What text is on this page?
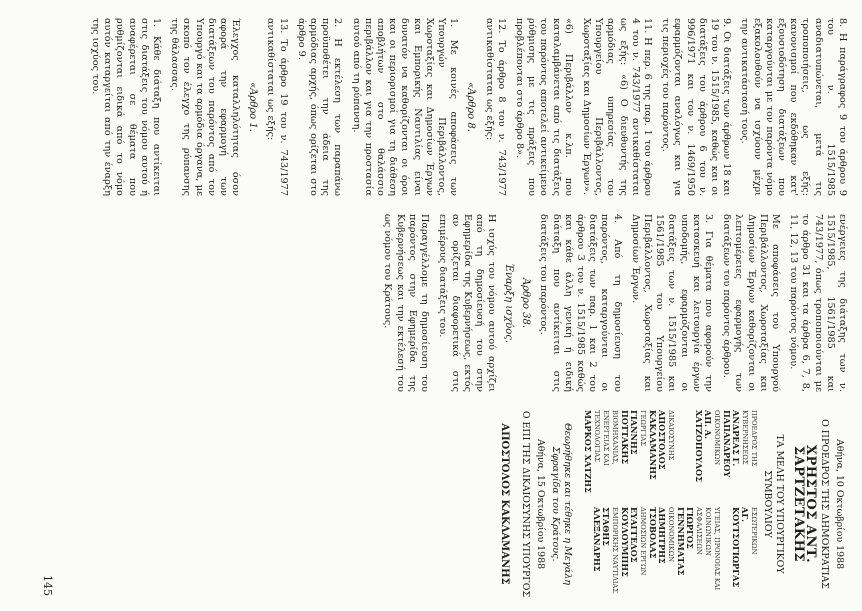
8. Η παράγραφος 9 του άρθρου 9 του ν. 1515/1985 αναδιατυπώνεται, μετά τις τροποποιήσεις, ως εξής: κανονισμοί που εκδόθηκαν κατ' εξουσιοδότηση διατάξεων που καταργούνται με τον παρόντα νόμο εξακολουθούν να ισχύουν μέχρι την αντικατάστασή τους.

9. Οι διατάξεις των άρθρων 18 και 19 του ν. 1515/1985, καθώς και οι διατάξεις του άρθρου 6 του ν. 996/1971 και του ν. 1469/1950 εφαρμόζονται αναλόγως και για τις περιοχές του παρόντος.

11. Η περ. 6 της παρ. 1 του άρθρου 4 του ν. 743/1977 αντικαθίσταται ως εξής: «6) Ο διευθυντής της αρμόδιας υπηρεσίας του Υπουργείου Περιβάλλοντος, Χωροταξίας και Δημοσίων Έργων».

«6) Περιβάλλον κ.λπ. που καταλαμβάνεται από τις διατάξεις του παρόντος αποτελεί αντικείμενο ρύθμισης με τις πράξεις που προβλέπονται στο άρθρο 8».

12. Το άρθρο 8 του ν. 743/1977 αντικαθίσταται ως εξής:

«Άρθρο 8.

1. Με κοινές αποφάσεις των Υπουργών Περιβάλλοντος, Χωροταξίας και Δημοσίων Έργων και Εμπορικής Ναυτιλίας είναι δυνατόν να καθορίζονται οι όροι και οι περιορισμοί για τη διάθεση αποβλήτων στο θαλάσσιο περιβάλλον και για την προστασία αυτού από τη ρύπανση.

2. Η εκτέλεση των παραπάνω προϋποθέτει την άδεια της αρμόδιας αρχής, όπως ορίζεται στο άρθρο 9.

13. Το άρθρο 19 του ν. 743/1977 αντικαθίσταται ως εξής:

«Άρθρο 1.

Έλεγχος καταλληλότητας όσον αφορά την εφαρμογή των διατάξεων του παρόντος από τον Υπουργό και τα αρμόδια όργανα, με σκοπό τον έλεγχο της ρύπανσης της θάλασσας.

1. Κάθε διάταξη που αντίκειται στις διατάξεις του νόμου αυτού ή αναφέρεται σε θέματα που ρυθμίζονται ειδικά από το νόμο αυτόν καταργείται από την έναρξη της ισχύος του.

ενέργειες της διάταξης των ν. 1515/1985, 1561/1985 και 743/1977, όπως τροποποιούνται με το άρθρο 31 και τα άρθρα 6, 7, 8, 11, 12, 13 του παρόντος νόμου.

Με αποφάσεις του Υπουργού Περιβάλλοντος, Χωροταξίας και Δημοσίων Έργων καθορίζονται οι λεπτομέρειες εφαρμογής των διατάξεων του παρόντος άρθρου.

3. Για θέματα που αφορούν την κατασκευή και λειτουργία έργων υποδομής, εφαρμόζονται οι διατάξεις των ν. 1515/1985 και 1561/1985 του Υπουργείου Περιβάλλοντος, Χωροταξίας και Δημοσίων Έργων.

4. Από τη δημοσίευση του παρόντος, καταργούνται οι διατάξεις των παρ. 1 και 2 του άρθρου 3 του ν. 1515/1985 καθώς και κάθε άλλη γενική ή ειδική διάταξη που αντίκειται στις διατάξεις του παρόντος.

Άρθρο 38.

Έναρξη ισχύος.

Η ισχύς του νόμου αυτού αρχίζει από τη δημοσίευσή του στην Εφημερίδα της Κυβερνήσεως, εκτός αν ορίζεται διαφορετικά στις επιμέρους διατάξεις του.

Παραγγέλλομε τη δημοσίευση του παρόντος στην Εφημερίδα της Κυβερνήσεως και την εκτέλεσή του ως νόμου του Κράτους.

Αθήνα, 10 Οκτωβρίου 1988

Ο ΠΡΟΕΔΡΟΣ ΤΗΣ ΔΗΜΟΚΡΑΤΙΑΣ

ΧΡΗΣΤΟΣ ΑΝΤ. ΣΑΡΤΖΕΤΑΚΗΣ

ΤΑ ΜΕΛΗ ΤΟΥ ΥΠΟΥΡΓΙΚΟΥ ΣΥΜΒΟΥΛΙΟΥ

ΠΡΟΕΔΡΟΣ ΤΗΣ ΚΥΒΕΡΝΗΣΕΩΣ
ΑΝΔΡΕΑΣ Γ. ΠΑΠΑΝΔΡΕΟΥ
ΕΣΩΤΕΡΙΚΩΝ
ΑΓ. ΚΟΥΤΣΟΓΙΩΡΓΑΣ
ΟΙΚΟΝΟΜΙΚΩΝ
ΑΠ. Α. ΧΑΤΖΟΠΟΥΛΟΣ
ΥΓΕΙΑΣ, ΠΡΟΝΟΙΑΣ ΚΑΙ ΚΟΙΝΩΝΙΚΩΝ ΑΣΦΑΛΙΣΕΩΝ
ΓΙΩΡΓΟΣ ΓΕΝΝΗΜΑΤΑΣ
ΔΙΚΑΙΟΣΥΝΗΣ
ΑΠΟΣΤΟΛΟΣ ΚΑΚΛΑΜΑΝΗΣ
ΟΙΚΟΝΟΜΙΚΩΝ
ΔΗΜΗΤΡΗΣ ΤΣΟΒΟΛΑΣ
ΓΕΩΡΓΙΑΣ
ΓΙΑΝΝΗΣ ΠΟΤΤΑΚΗΣ
ΔΗΜΟΣΙΩΝ ΕΡΓΩΝ
ΕΥΑΓΓΕΛΟΣ ΚΟΥΛΟΥΜΠΗΣ
ΒΙΟΜΗΧΑΝΙΑΣ, ΕΝΕΡΓΕΙΑΣ ΚΑΙ ΤΕΧΝΟΛΟΓΙΑΣ
ΜΑΡΚΟΣ ΧΑΤΖΗΣ
ΕΜΠΟΡΙΚΗΣ ΝΑΥΤΙΛΙΑΣ
ΣΤΑΘΗΣ ΑΛΕΞΑΝΔΡΗΣ

Θεωρήθηκε και τέθηκε η Μεγάλη Σφραγίδα του Κράτους.

Αθήνα, 15 Οκτωβρίου 1988

Ο ΕΠΙ ΤΗΣ ΔΙΚΑΙΟΣΥΝΗΣ ΥΠΟΥΡΓΟΣ

ΑΠΟΣΤΟΛΟΣ ΚΑΚΛΑΜΑΝΗΣ

145
